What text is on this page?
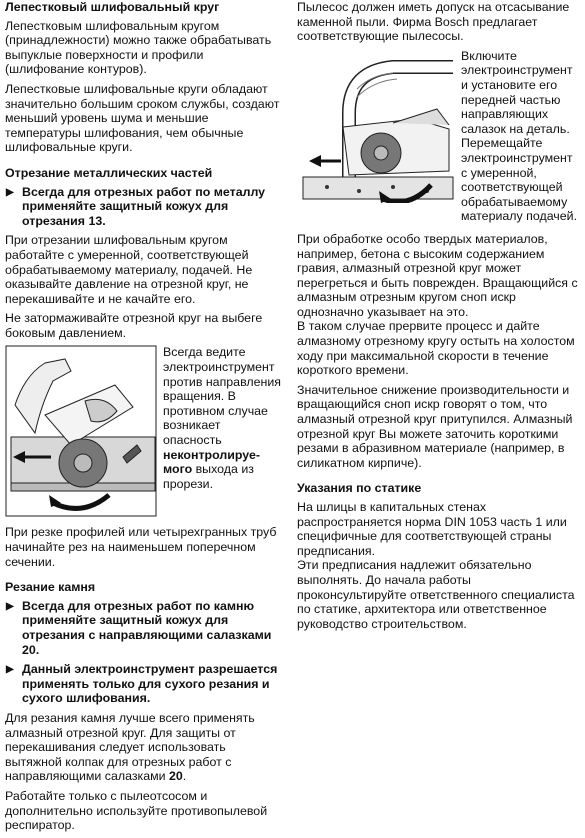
Лепестковый шлифовальный круг

Лепестковым шлифовальным кругом (принадлежности) можно также обрабатывать выпуклые поверхности и профили (шлифование контуров).

Лепестковые шлифовальные круги обладают значительно большим сроком службы, создают меньший уровень шума и меньшие температуры шлифования, чем обычные шлифовальные круги.

Отрезание металлических частей
▶ Всегда для отрезных работ по металлу применяйте защитный кожух для отрезания 13.

При отрезании шлифовальным кругом работайте с умеренной, соответствующей обрабатываемому материалу, подачей. Не оказывайте давление на отрезной круг, не перекашивайте и не качайте его.

Не затормаживайте отрезной круг на выбеге боковым давлением.

Всегда ведите электроинструмент против направления вращения. В противном случае возникает опасность неконтролируе-мого выхода из прорези.

При резке профилей или четырехгранных труб начинайте рез на наименьшем поперечном сечении.

Резание камня
▶ Всегда для отрезных работ по камню применяйте защитный кожух для отрезания с направляющими салазками 20.
▶ Данный электроинструмент разрешается применять только для сухого резания и сухого шлифования.

Для резания камня лучше всего применять алмазный отрезной круг. Для защиты от перекашивания следует использовать вытяжной колпак для отрезных работ с направляющими салазками 20.

Работайте только с пылеотсосом и дополнительно используйте противопылевой респиратор.

Пылесос должен иметь допуск на отсасывание каменной пыли. Фирма Bosch предлагает соответствующие пылесосы.

Включите электроинструмент и установите его передней частью направляющих салазок на деталь. Перемещайте электроинструмент с умеренной, соответствующей обрабатываемому материалу подачей.

При обработке особо твердых материалов, например, бетона с высоким содержанием гравия, алмазный отрезной круг может перегреться и быть поврежден. Вращающийся с алмазным отрезным кругом сноп искр однозначно указывает на это.

В таком случае прервите процесс и дайте алмазному отрезному кругу остыть на холостом ходу при максимальной скорости в течение короткого времени.

Значительное снижение производительности и вращающийся сноп искр говорят о том, что алмазный отрезной круг притупился. Алмазный отрезной круг Вы можете заточить короткими резами в абразивном материале (например, в силикатном кирпиче).

Указания по статике

На шлицы в капитальных стенах распространяется норма DIN 1053 часть 1 или специфичные для соответствующей страны предписания.

Эти предписания надлежит обязательно выполнять. До начала работы проконсультируйте ответственного специалиста по статике, архитектора или ответственное руководство строительством.
